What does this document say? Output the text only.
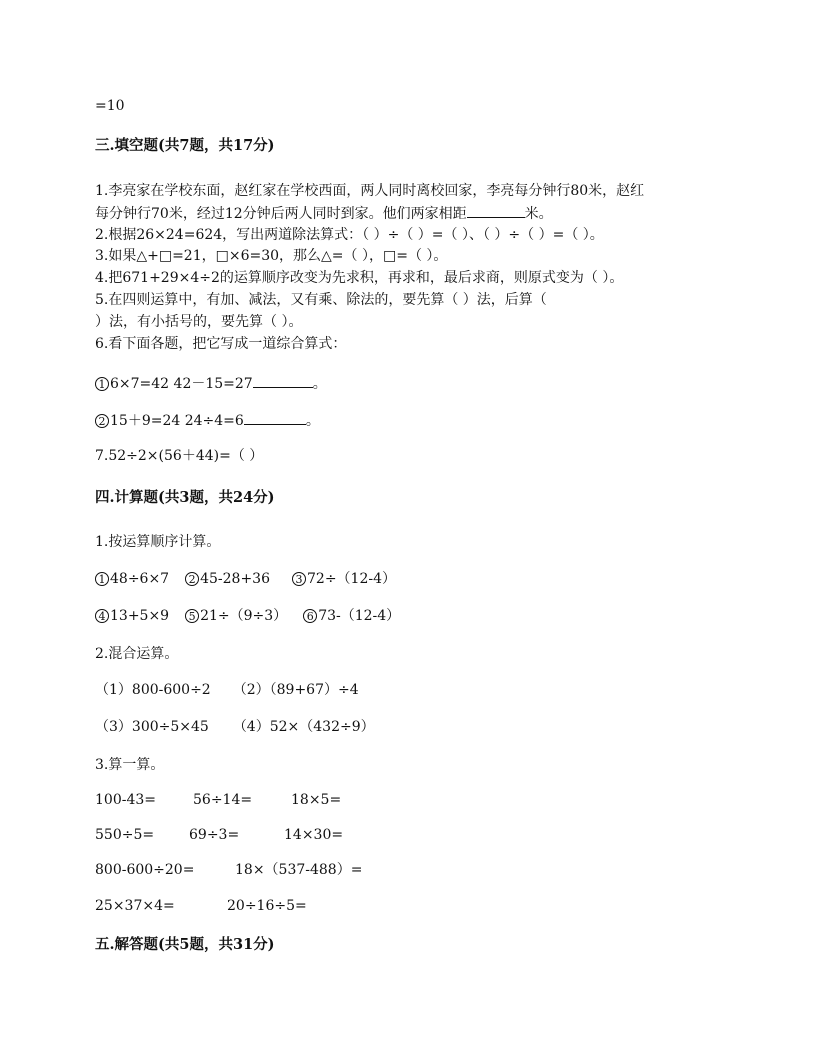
=10
三.填空题(共7题，共17分)
1.李亮家在学校东面，赵红家在学校西面，两人同时离校回家，李亮每分钟行80米，赵红
每分钟行70米，经过12分钟后两人同时到家。他们两家相距	米。
2.根据26×24=624，写出两道除法算式：（ ）÷（ ）=（ ）、（ ）÷（ ）=（ ）。
3.如果△+□=21，□×6=30，那么△=（ ），□=（ ）。
4.把671+29×4÷2的运算顺序改变为先求积，再求和，最后求商，则原式变为（ ）。
5.在四则运算中，有加、减法，又有乘、除法的，要先算（ ）法，后算（
）法，有小括号的，要先算（ ）。
6.看下面各题，把它写成一道综合算式：
1 6×7=42 42－15=27	。
2 15＋9=24 24÷4=6	。
7.52÷2×(56＋44)=（ ）
四.计算题(共3题，共24分)
1.按运算顺序计算。
1 48÷6×7 2 45-28+36 3 72÷（12-4）
4 13+5×9 5 21÷（9÷3） 6 73-（12-4）
2.混合运算。
（1）800-600÷2 （2）（89+67）÷4
（3）300÷5×45 （4）52×（432÷9）
3.算一算。
100-43=	56÷14=	18×5=
550÷5= 69÷3=	14×30=
800-600÷20=	18×（537-488）=
25×37×4=	20÷16÷5=
五.解答题(共5题，共31分)
